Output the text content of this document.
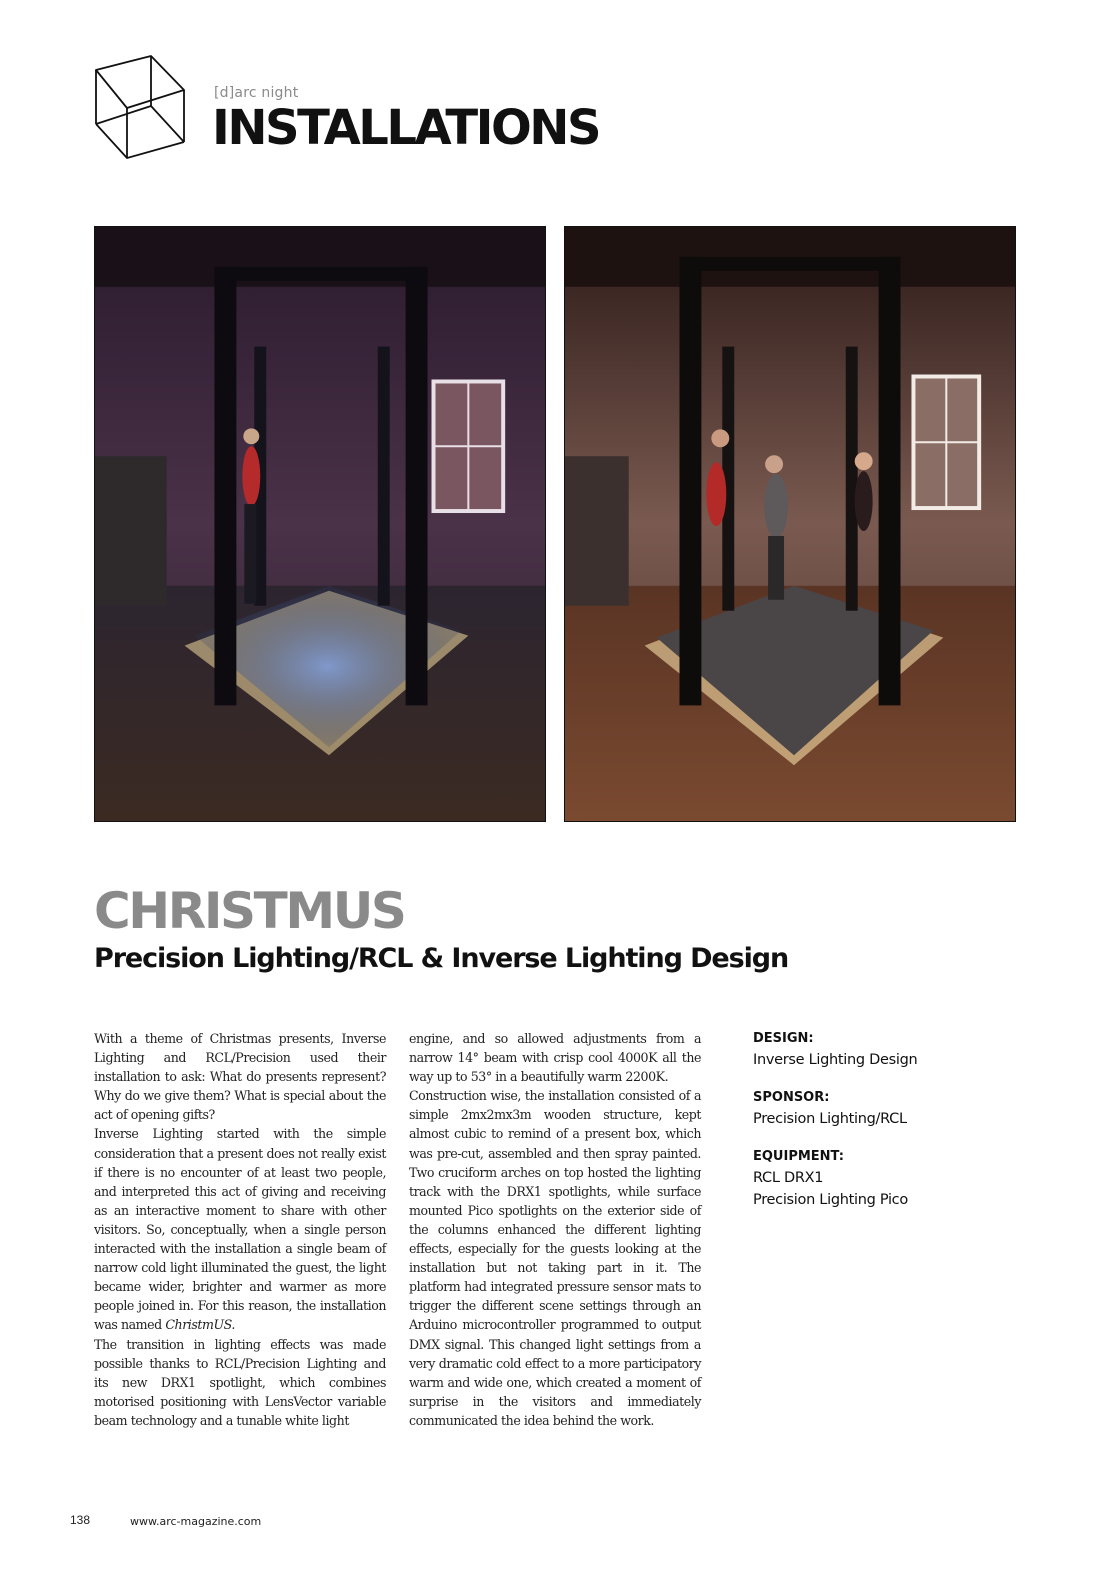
[d]arc night
INSTALLATIONS
CHRISTMUS
Precision Lighting/RCL & Inverse Lighting Design

With a theme of Christmas presents, Inverse Lighting and RCL/Precision used their installation to ask: What do presents represent? Why do we give them? What is special about the act of opening gifts?

Inverse Lighting started with the simple consideration that a present does not really exist if there is no encounter of at least two people, and interpreted this act of giving and receiving as an interactive moment to share with other visitors. So, conceptually, when a single person interacted with the installation a single beam of narrow cold light illuminated the guest, the light became wider, brighter and warmer as more people joined in. For this reason, the installation was named ChristmUS.

The transition in lighting effects was made possible thanks to RCL/Precision Lighting and its new DRX1 spotlight, which combines motorised positioning with LensVector variable beam technology and a tunable white light

engine, and so allowed adjustments from a narrow 14° beam with crisp cool 4000K all the way up to 53° in a beautifully warm 2200K.

Construction wise, the installation consisted of a simple 2mx2mx3m wooden structure, kept almost cubic to remind of a present box, which was pre-cut, assembled and then spray painted. Two cruciform arches on top hosted the lighting track with the DRX1 spotlights, while surface mounted Pico spotlights on the exterior side of the columns enhanced the different lighting effects, especially for the guests looking at the installation but not taking part in it. The platform had integrated pressure sensor mats to trigger the different scene settings through an Arduino microcontroller programmed to output DMX signal. This changed light settings from a very dramatic cold effect to a more participatory warm and wide one, which created a moment of surprise in the visitors and immediately communicated the idea behind the work.

DESIGN:
Inverse Lighting Design
SPONSOR:
Precision Lighting/RCL
EQUIPMENT:
RCL DRX1
Precision Lighting Pico
138	www.arc-magazine.com
